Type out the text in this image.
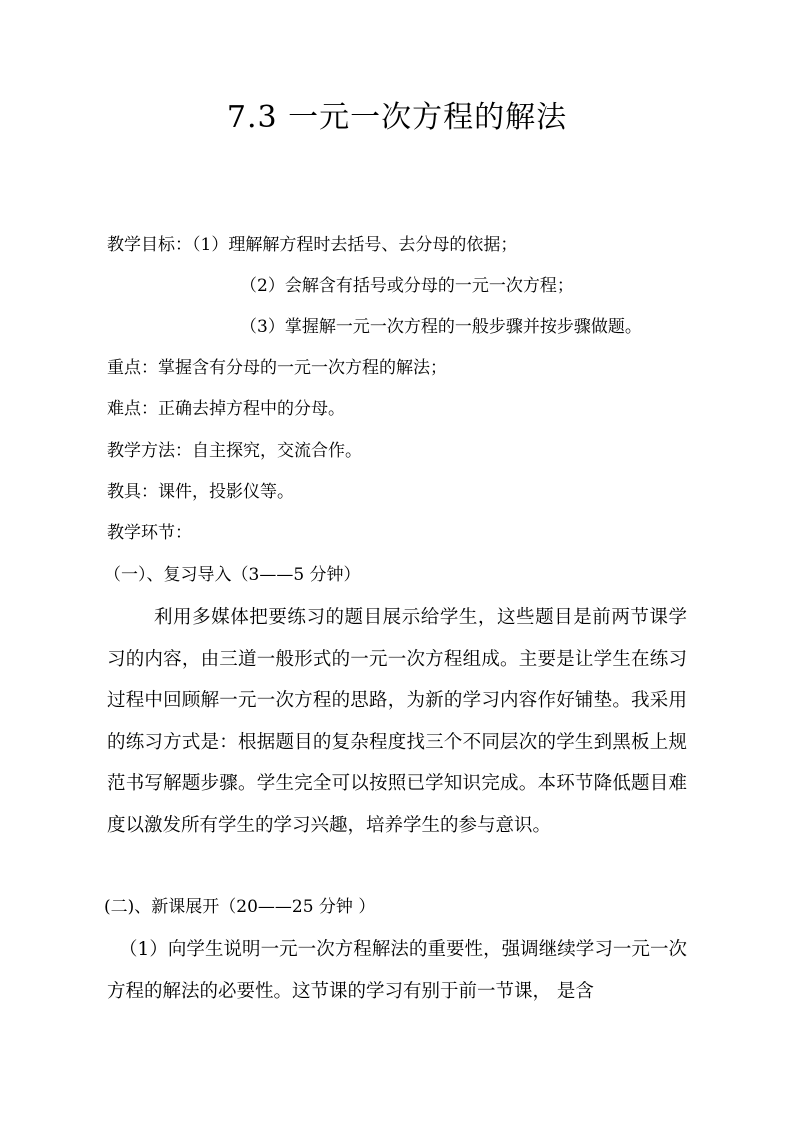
7.3 一元一次方程的解法
教学目标：（1）理解解方程时去括号、去分母的依据；
（2）会解含有括号或分母的一元一次方程；
（3）掌握解一元一次方程的一般步骤并按步骤做题。
重点：掌握含有分母的一元一次方程的解法；
难点：正确去掉方程中的分母。
教学方法：自主探究，交流合作。
教具：课件，投影仪等。
教学环节：
（一）、复习导入（3——5 分钟）
利用多媒体把要练习的题目展示给学生，这些题目是前两节课学习的内容，由三道一般形式的一元一次方程组成。主要是让学生在练习过程中回顾解一元一次方程的思路，为新的学习内容作好铺垫。我采用的练习方式是：根据题目的复杂程度找三个不同层次的学生到黑板上规范书写解题步骤。学生完全可以按照已学知识完成。本环节降低题目难度以激发所有学生的学习兴趣，培养学生的参与意识。
(二)、新课展开（20——25 分钟 ）
（1）向学生说明一元一次方程解法的重要性，强调继续学习一元一次方程的解法的必要性。这节课的学习有别于前一节课， 是含
